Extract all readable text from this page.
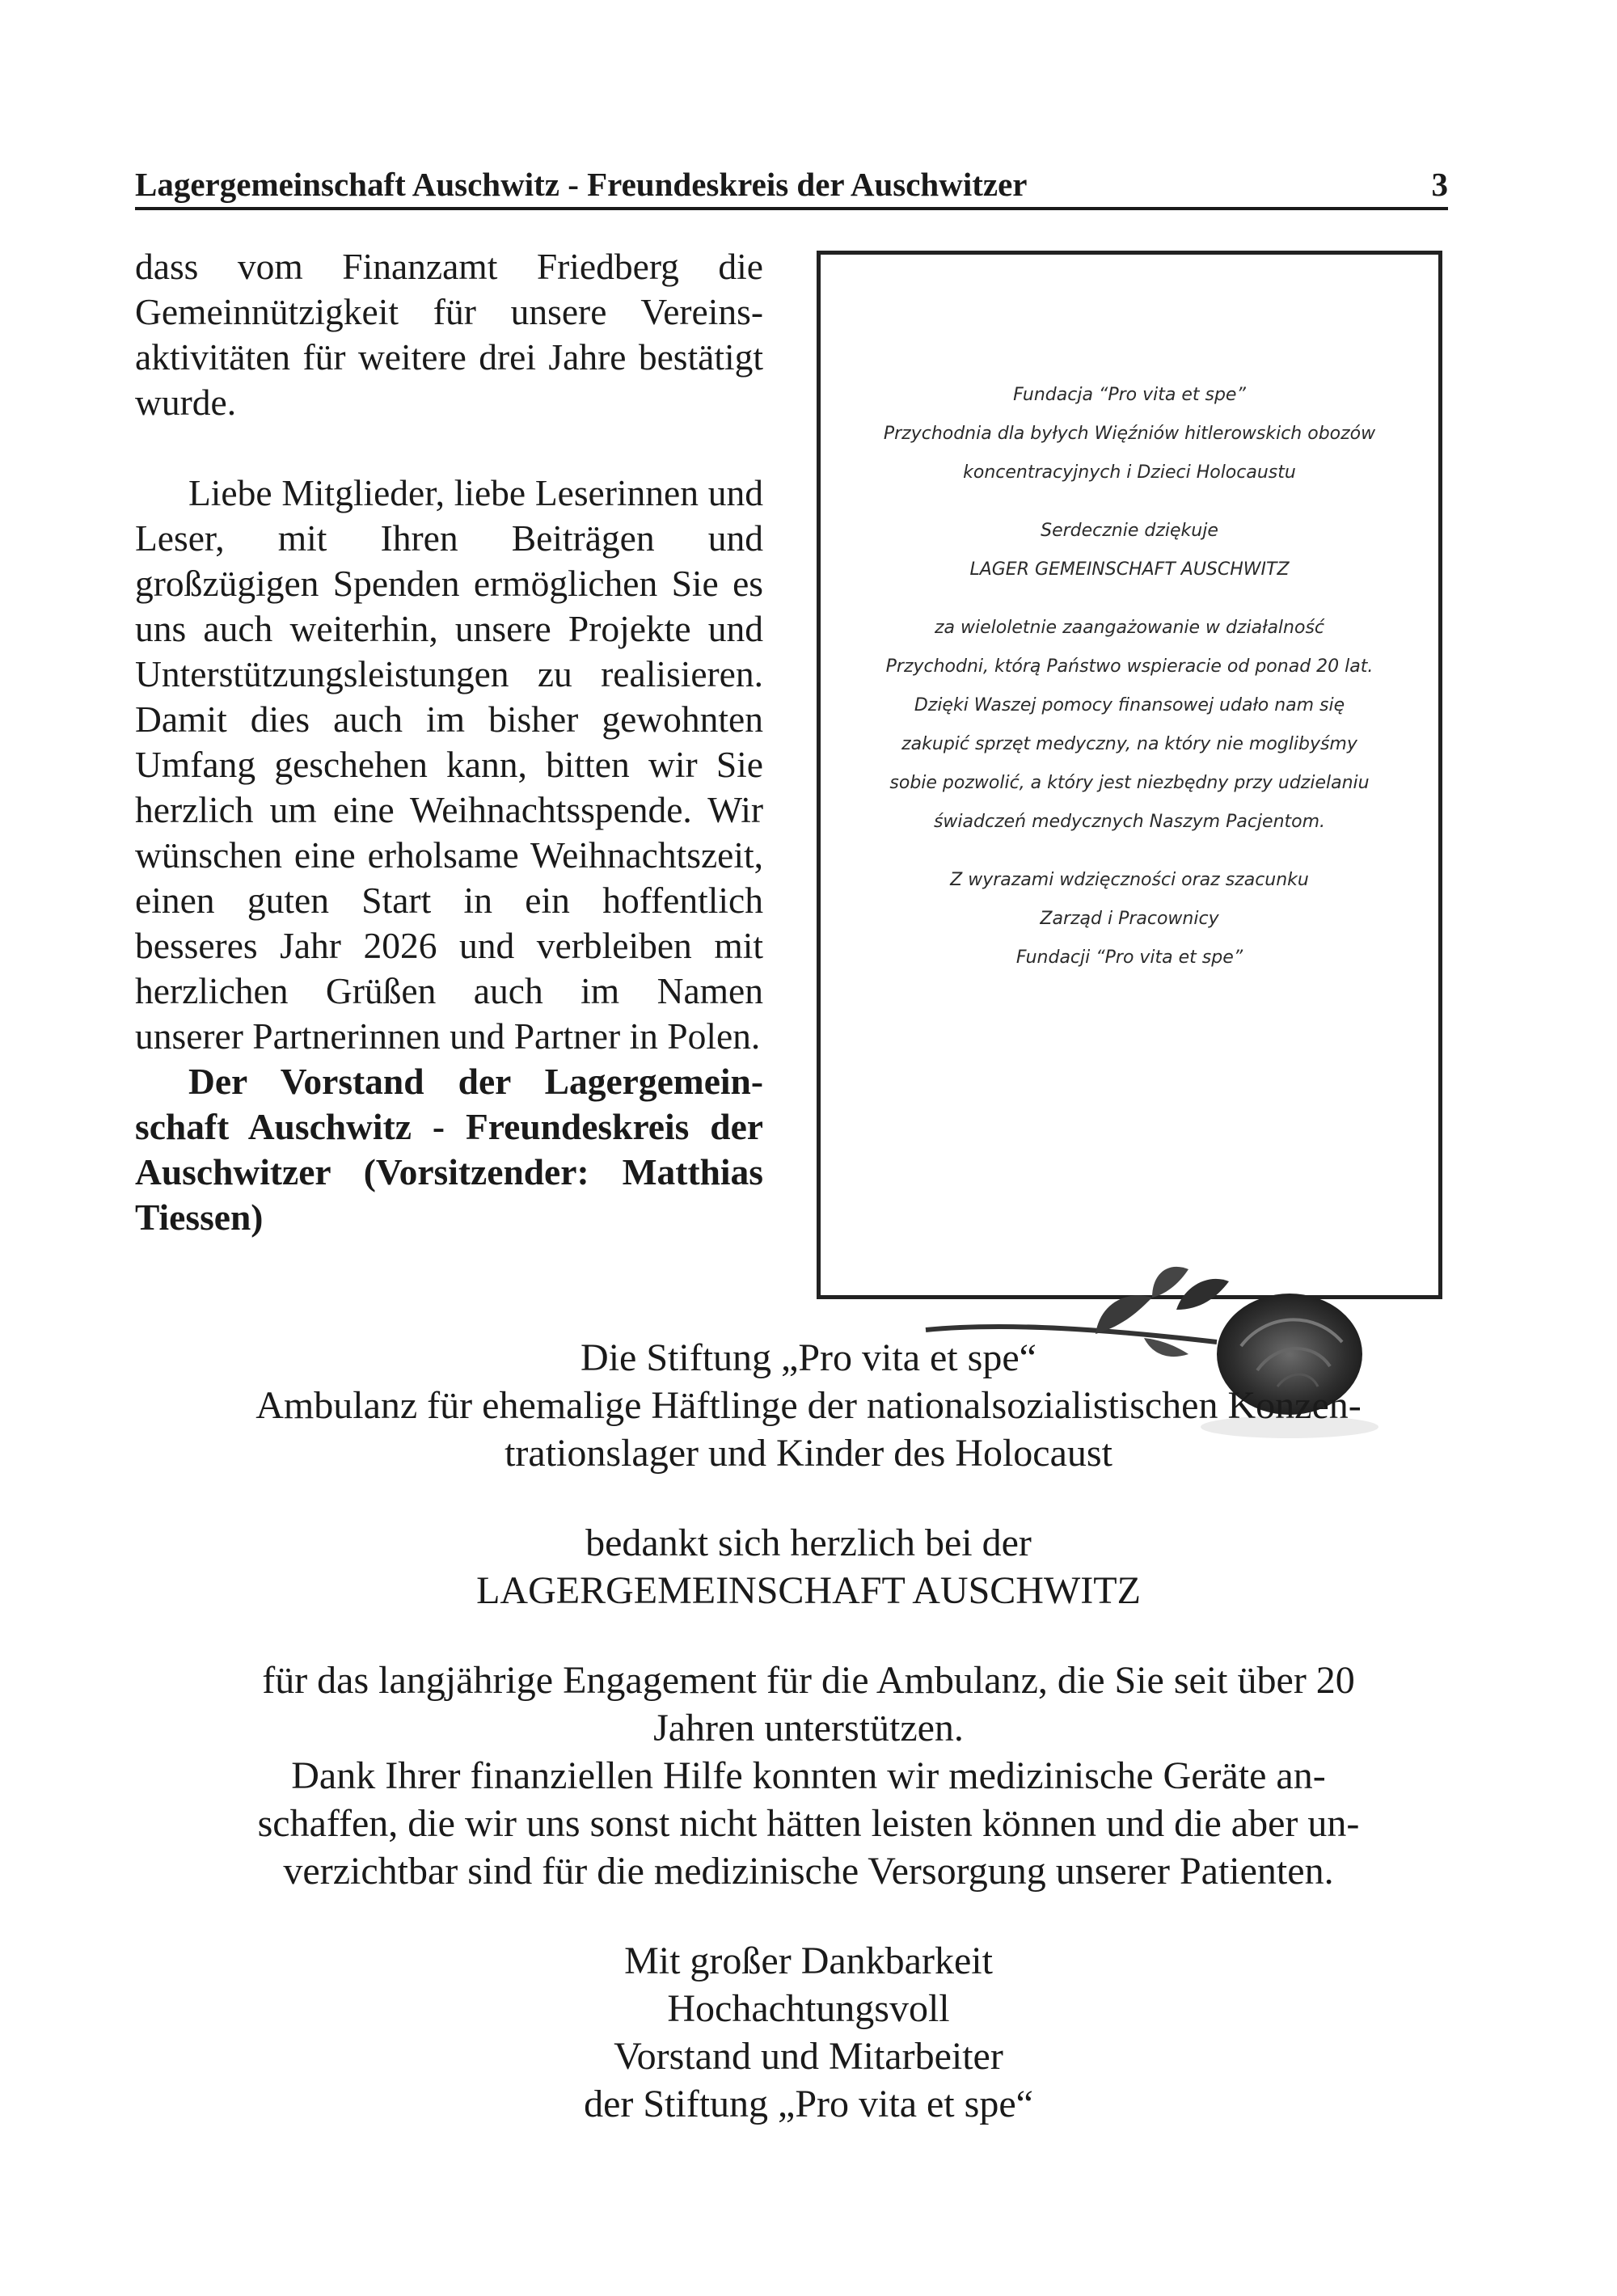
Lagergemeinschaft Auschwitz - Freundeskreis der Auschwitzer	3

dass vom Finanzamt Friedberg die Gemeinnützigkeit für unsere Vereinsaktivitäten für weitere drei Jahre bestätigt wurde.

Liebe Mitglieder, liebe Leserinnen und Leser, mit Ihren Beiträgen und großzügigen Spenden ermöglichen Sie es uns auch weiterhin, unsere Projekte und Unterstützungsleistungen zu realisieren. Damit dies auch im bisher gewohnten Umfang geschehen kann, bitten wir Sie herzlich um eine Weihnachtsspende. Wir wünschen eine erholsame Weihnachtszeit, einen guten Start in ein hoffentlich besseres Jahr 2026 und verbleiben mit herzlichen Grüßen auch im Namen unserer Partnerinnen und Partner in Polen.

Der Vorstand der Lagergemeinschaft Auschwitz - Freundeskreis der Auschwitzer (Vorsitzender: Matthias Tiessen)

Fundacja “Pro vita et spe”
Przychodnia dla byłych Więźniów hitlerowskich obozów
koncentracyjnych i Dzieci Holocaustu
Serdecznie dziękuje
LAGER GEMEINSCHAFT AUSCHWITZ
za wieloletnie zaangażowanie w działalność
Przychodni, którą Państwo wspieracie od ponad 20 lat.
Dzięki Waszej pomocy finansowej udało nam się
zakupić sprzęt medyczny, na który nie moglibyśmy
sobie pozwolić, a który jest niezbędny przy udzielaniu
świadczeń medycznych Naszym Pacjentom.
Z wyrazami wdzięczności oraz szacunku
Zarząd i Pracownicy
Fundacji “Pro vita et spe”
Die Stiftung „Pro vita et spe“
Ambulanz für ehemalige Häftlinge der nationalsozialistischen Konzen-
trationslager und Kinder des Holocaust
bedankt sich herzlich bei der
LAGERGEMEINSCHAFT AUSCHWITZ
für das langjährige Engagement für die Ambulanz, die Sie seit über 20
Jahren unterstützen.
Dank Ihrer finanziellen Hilfe konnten wir medizinische Geräte an-
schaffen, die wir uns sonst nicht hätten leisten können und die aber un-
verzichtbar sind für die medizinische Versorgung unserer Patienten.
Mit großer Dankbarkeit
Hochachtungsvoll
Vorstand und Mitarbeiter
der Stiftung „Pro vita et spe“
